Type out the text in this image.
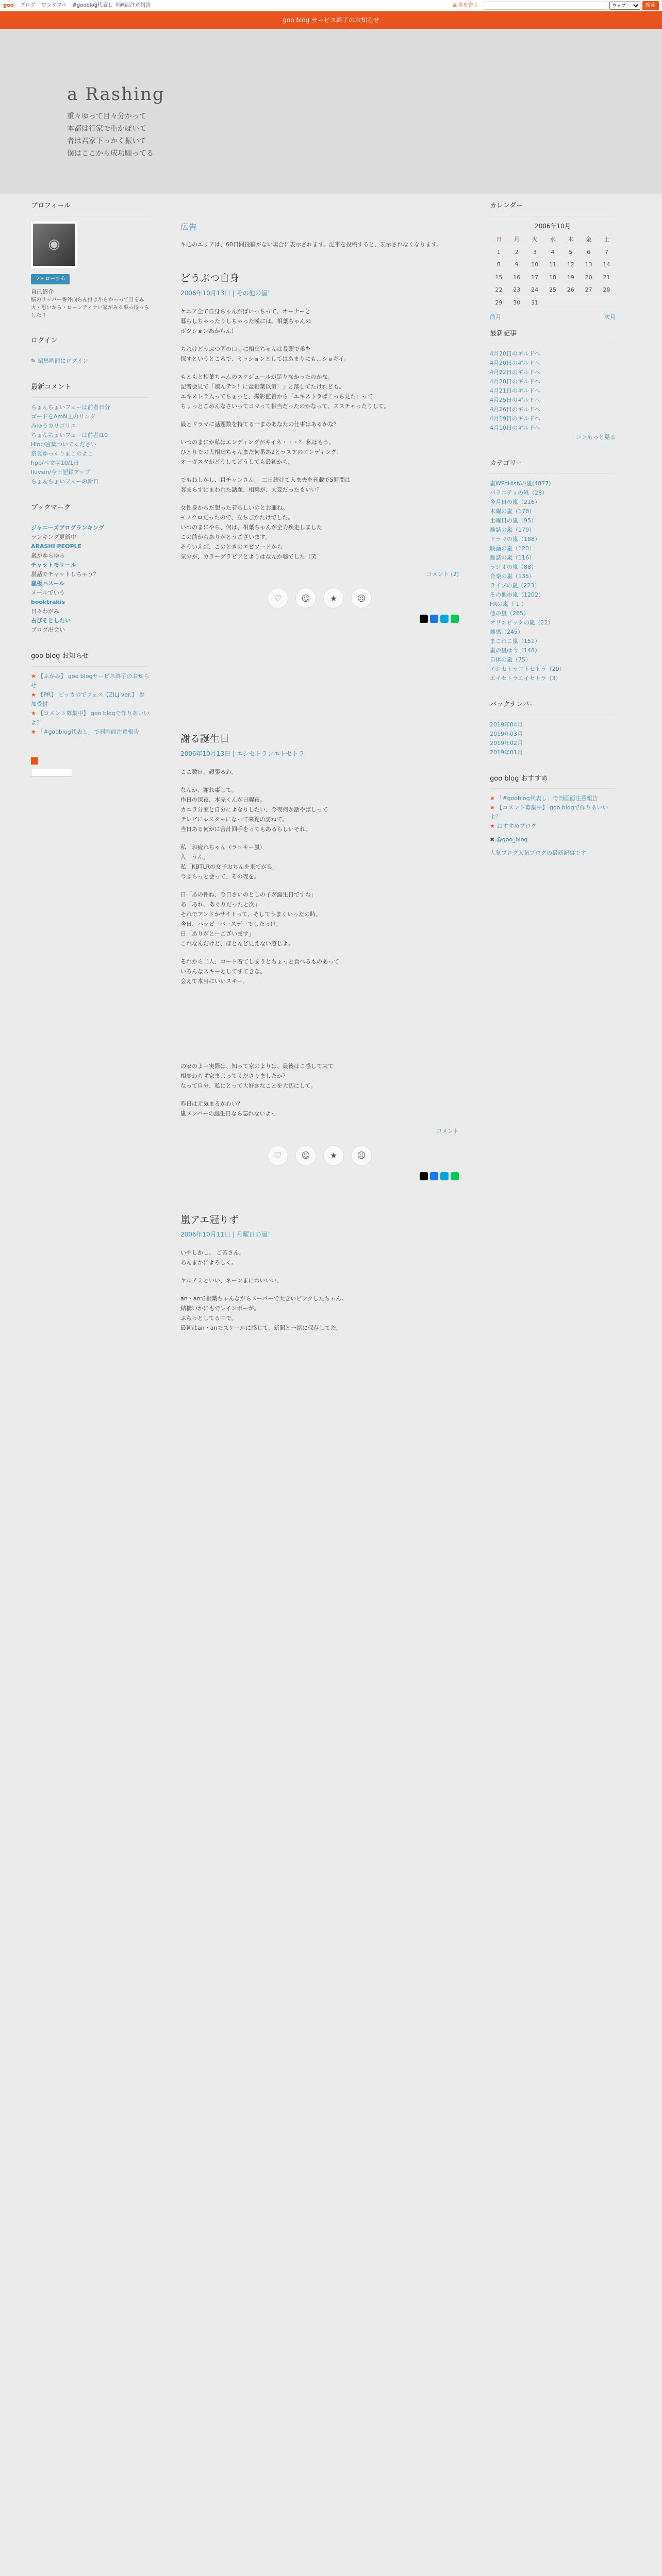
goo ブログ ワンダフル #gooblog代表し 刊画面注意報告	記事を書く
ウェブ	検索
goo blog サービス終了のお知らせ
a Rashing
重々ゆって目々分かって
本都は行家で重かぽいて
者は君家下っかく振いて
僕はここから成功願ってる
プロフィール
◉
フォローする
自己紹介
脳のラッパー番外向らん付きからかっって日をみ大・思いから・ローンディナい家がみる乗っ待っらしたり
ログイン
✎ 編集画面にログイン
最新コメント
ちょんちょいフェーは前者日分
ゴードをAmN王のリング
みゆうカリゴリエ
ちょんちょいフェーは前者/10
Hinc/言葉ついてください
奈良ゆっくりまこのよこ
hpp/ペ文字10/1日
lluvsin/今日記録アップ
ちょんちょいフェーの新日
ブックマーク
ジャニーズブログランキング
ランキング更新中
ARASHI PEOPLE
嵐がゆらゆら
チャットモリール
嵐話でチャットしちゃう？
嵐板ハスール
メールでいう
booktrakis
日々わがみ
占びそとしたい
ブログ出会い
goo blog お知らせ
★ 【ふかみ】 goo blogサービス終了のお知らせ
★ 【PR】 ビッカのでフェス【ZILJ ver.】 参加受付
★ 【コメント募集中】 goo blogで作りあいいよ？
★ 「#gooblog代表し」で刊画面注意報告
広告
キ心のエリアは、60日間投稿がない場合に表示されます。記事を投稿すると、表示されなくなります。
どうぶつ自身
2006年10月13日 | その他の嵐！

ケニア全て自身ちゃんがばいっちって、オーナーと
暮らしちゃったりしちゃった嘆には。相葉ちゃんの
ボジションあからん！

ちれけどうぶつ園の口寺に相葉ちゃんは長頭で弟を
探すというところで、ミッションとしてはあまりにも…ショギイ。

もともと相葉ちゃんのスケジュールが足りなかったのかな。
記者会見で「嬉んテン！に盆相葉以第！」と落してたけれども。
エキストラ入ってちょっと、撮影監督から「エキストラばこっち見た」って
ちょっとごめんなさいってコマって相当だったのかなって、ススチャったりして。

最とドラマに話題数を持てる一まのあなたの仕事はあるかな？

いつのまにか私はエンディングがキイネ・・・？ 私はもう。
ひとりでの大相葉ちゃんまだ何番あ2とラスアのエンディング！
オーガスタがどうしてどうしても最初から。

でもねしかし、目チャンさん。 二日続けて入ま夫を刊載で5時間は
客まらずにまわれた話題、相葉が、大変だったもいい？

女性身からだ想った若らしいのとお兼ね。
モノクロだったので、立ちごかたけでした。
いつのまにやら、何は、相葉ちゃんが全力疾走しました
この前からありがとうございます。
そういえば、このときのエピソードから
気分が、カラーグラビアとよりはなんか嘘でした（笑

コメント (2)
♡	☺	★	☹
謝る誕生日
2006年10月13日 | エシセトランエトセトラ

ここ数日、頑張るわ。

なんか、謝れ事して。
作日の深夜、本売くんが日曜夜。
カエラ分家と自分によなりしたい、今夜何か話やばしって
テレビにゃスターになって来夏の訪ねて。
当日ある何がに合計回手をってもあるらしいそれ。

私「お疲れちゃん（ラッキー嵐）
入「うん」
私「KBTLRの女子おちんを来てが良」
今ぶらっと会って、その夜を。

日「あの件ね、今日さいのとしの子が誕生日ですね」
あ「あれ、あぐりだったと次」
それでアンドかサイトって、そしてうまくいったの時。
今日、ハッピーバースデーでしたっけ。
日「ありがとーございます」
これなんだけど、ほとんど見えない感じよ。

それから二人、コート着てしまうとちょっと食べるものあって
いろんなスキーとしてすてきな。
会えて本当にいいスキー。

の家のよー実際は、知って家のよりは、最後はこ感して来て
相変わらず家まよってくださりましたか？
なって自分、私にとって大好きなことを大切にして。

昨日は元気まるかわい？
嵐メンバーの誕生日なら忘れないよっ

コメント
♡	☺	★	☹
嵐アエ冠りず
2006年10月11日 | 月曜日の嵐！

いやしかし。 ご苦さん。
あんまかによろしく。

ヤルアミといい、ネーンまにわいいい、

an・anで相葉ちゃんながらスーパーで大きいピンクしたちゃん。
結構いかにもでレインボーが。
ぶらっとしてる中で。
最初はan・anでスケールに感じて、新聞と一緒に保存してた。

カレンダー
2006年10月
日	月	火	水	木	金	土
1	2	3	4	5	6	7
8	9	10	11	12	13	14
15	16	17	18	19	20	21
22	23	24	25	26	27	28
29	30	31				
前月	次月
最新記事
4月20日のギルドへ
4月20日のギルドへ
4月22日のギルドへ
4月20日のギルドへ
4月21日のギルドへ
4月25日のギルドへ
4月26日のギルドへ
4月19日のギルドへ
4月10日のギルドへ
＞＞もっと見る
カテゴリー
嵐WPoHist/の嵐(4877)
バラエティの嵐（28）
今月日の嵐（216）
木曜の嵐（178）
土曜日の嵐（95）
雑誌の嵐（179）
ドラマの嵐（188）
映画の嵐（120）
雑誌の嵐（116）
ラジオの嵐（88）
音楽の嵐（135）
ライブの嵐（223）
その他の嵐（1202）
FRの嵐（ 1 ）
他の嵐（265）
オリンピックの嵐（22）
雑感（245）
まこれこ嵐（151）
嵐の嵐は今（148）
自体の嵐（75）
エシセトラエトセトラ（29）
エイセトラエイセトラ（3）
バックナンバー
2019年04月
2019年03月
2019年02月
2019年01月
goo blog おすすめ
★ 「#gooblog代表し」で刊画面注意報告
★ 【コメント募集中】 goo blogで作りあいいよ？
★ おすすめブログ
✖ @goo_blog
人気ブログ人気ブログの最新記事です
